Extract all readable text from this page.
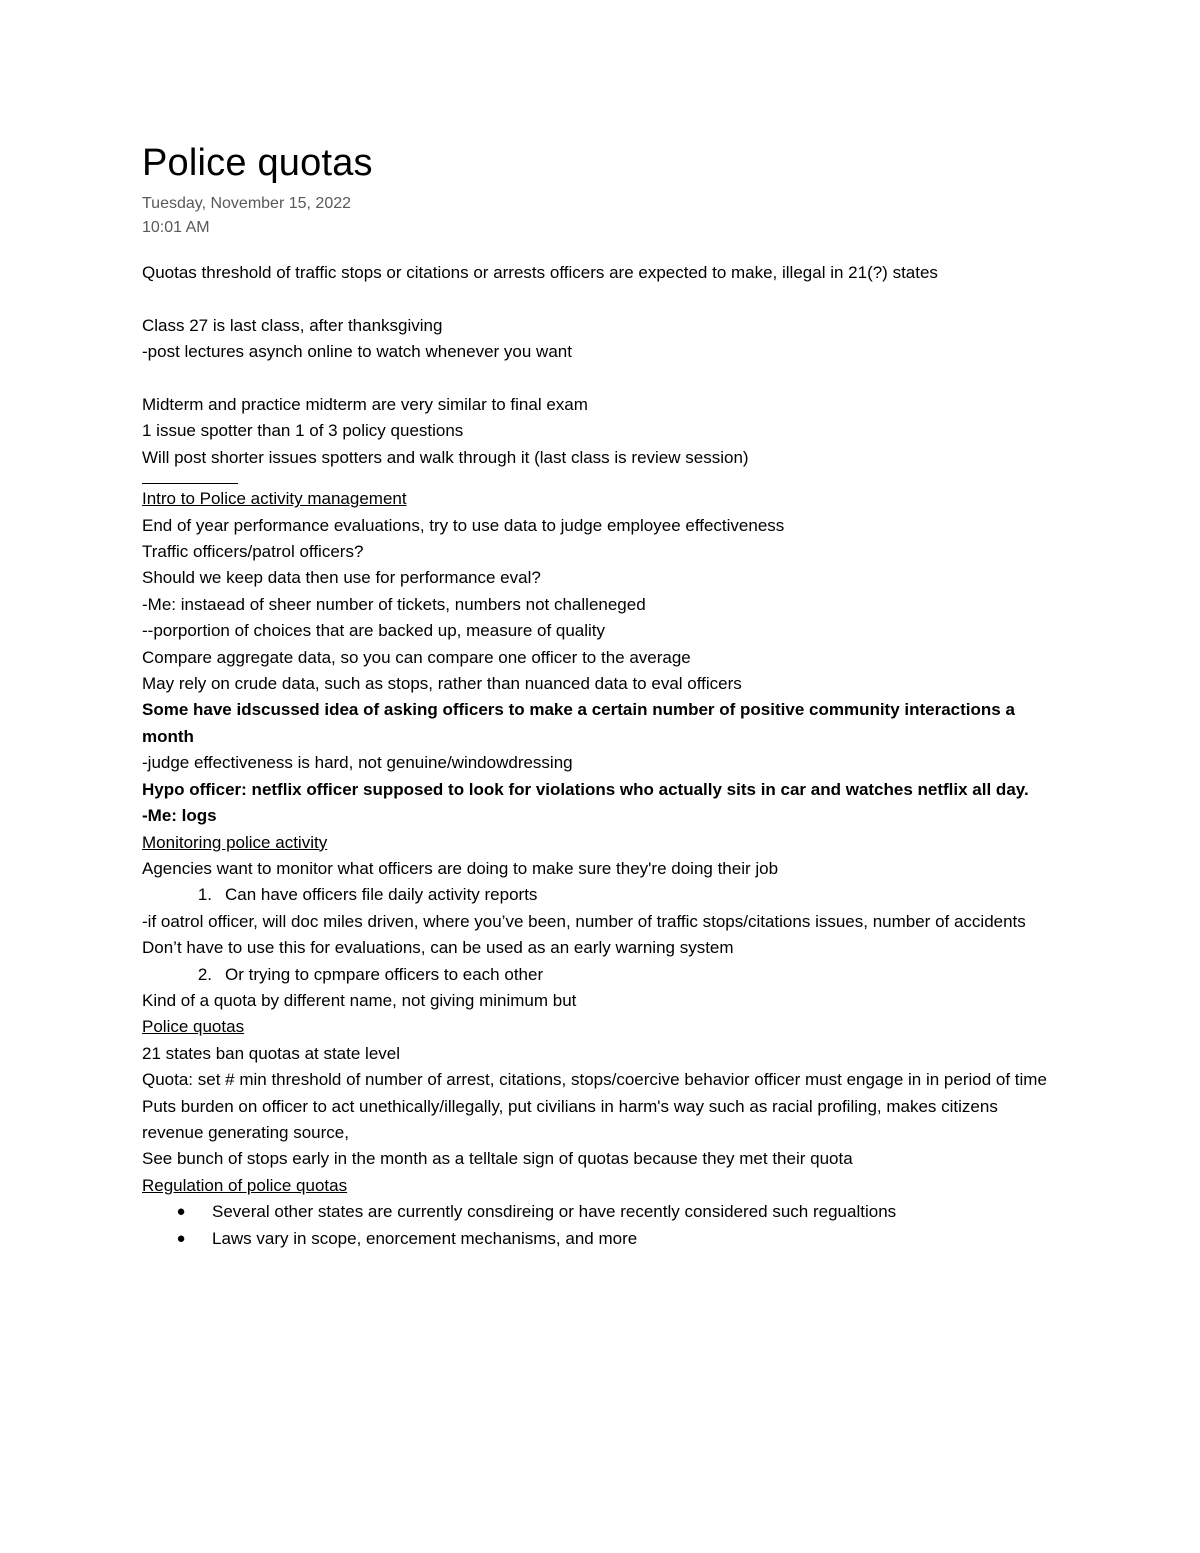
Police quotas
Tuesday, November 15, 2022
10:01 AM
Quotas threshold of traffic stops or citations or arrests officers are expected to make, illegal in 21(?) states
Class 27 is last class, after thanksgiving
-post lectures asynch online to watch whenever you want
Midterm and practice midterm are very similar to final exam
1 issue spotter than 1 of 3 policy questions
Will post shorter issues spotters and walk through it (last class is review session)
Intro to Police activity management
End of year performance evaluations, try to use data to judge employee effectiveness
Traffic officers/patrol officers?
Should we keep data then use for performance eval?
-Me: instaead of sheer number of tickets, numbers not challeneged
--porportion of choices that are backed up, measure of quality
Compare aggregate data, so you can compare one officer to the average
May rely on crude data, such as stops, rather than nuanced data to eval officers
Some have idscussed idea of asking officers to make a certain number of positive community interactions a month
-judge effectiveness is hard, not genuine/windowdressing
Hypo officer: netflix officer supposed to look for violations who actually sits in car and watches netflix all day.
-Me: logs
Monitoring police activity
Agencies want to monitor what officers are doing to make sure they're doing their job
1. Can have officers file daily activity reports
-if oatrol officer, will doc miles driven, where you’ve been, number of traffic stops/citations issues, number of accidents
Don’t have to use this for evaluations, can be used as an early warning system
2. Or trying to cpmpare officers to each other
Kind of a quota by different name, not giving minimum but
Police quotas
21 states ban quotas at state level
Quota: set # min threshold of number of arrest, citations, stops/coercive behavior officer must engage in in period of time
Puts burden on officer to act unethically/illegally, put civilians in harm's way such as racial profiling, makes citizens revenue generating source,
See bunch of stops early in the month as a telltale sign of quotas because they met their quota
Regulation of police quotas
●	Several other states are currently consdireing or have recently considered such regualtions
●	Laws vary in scope, enorcement mechanisms, and more
